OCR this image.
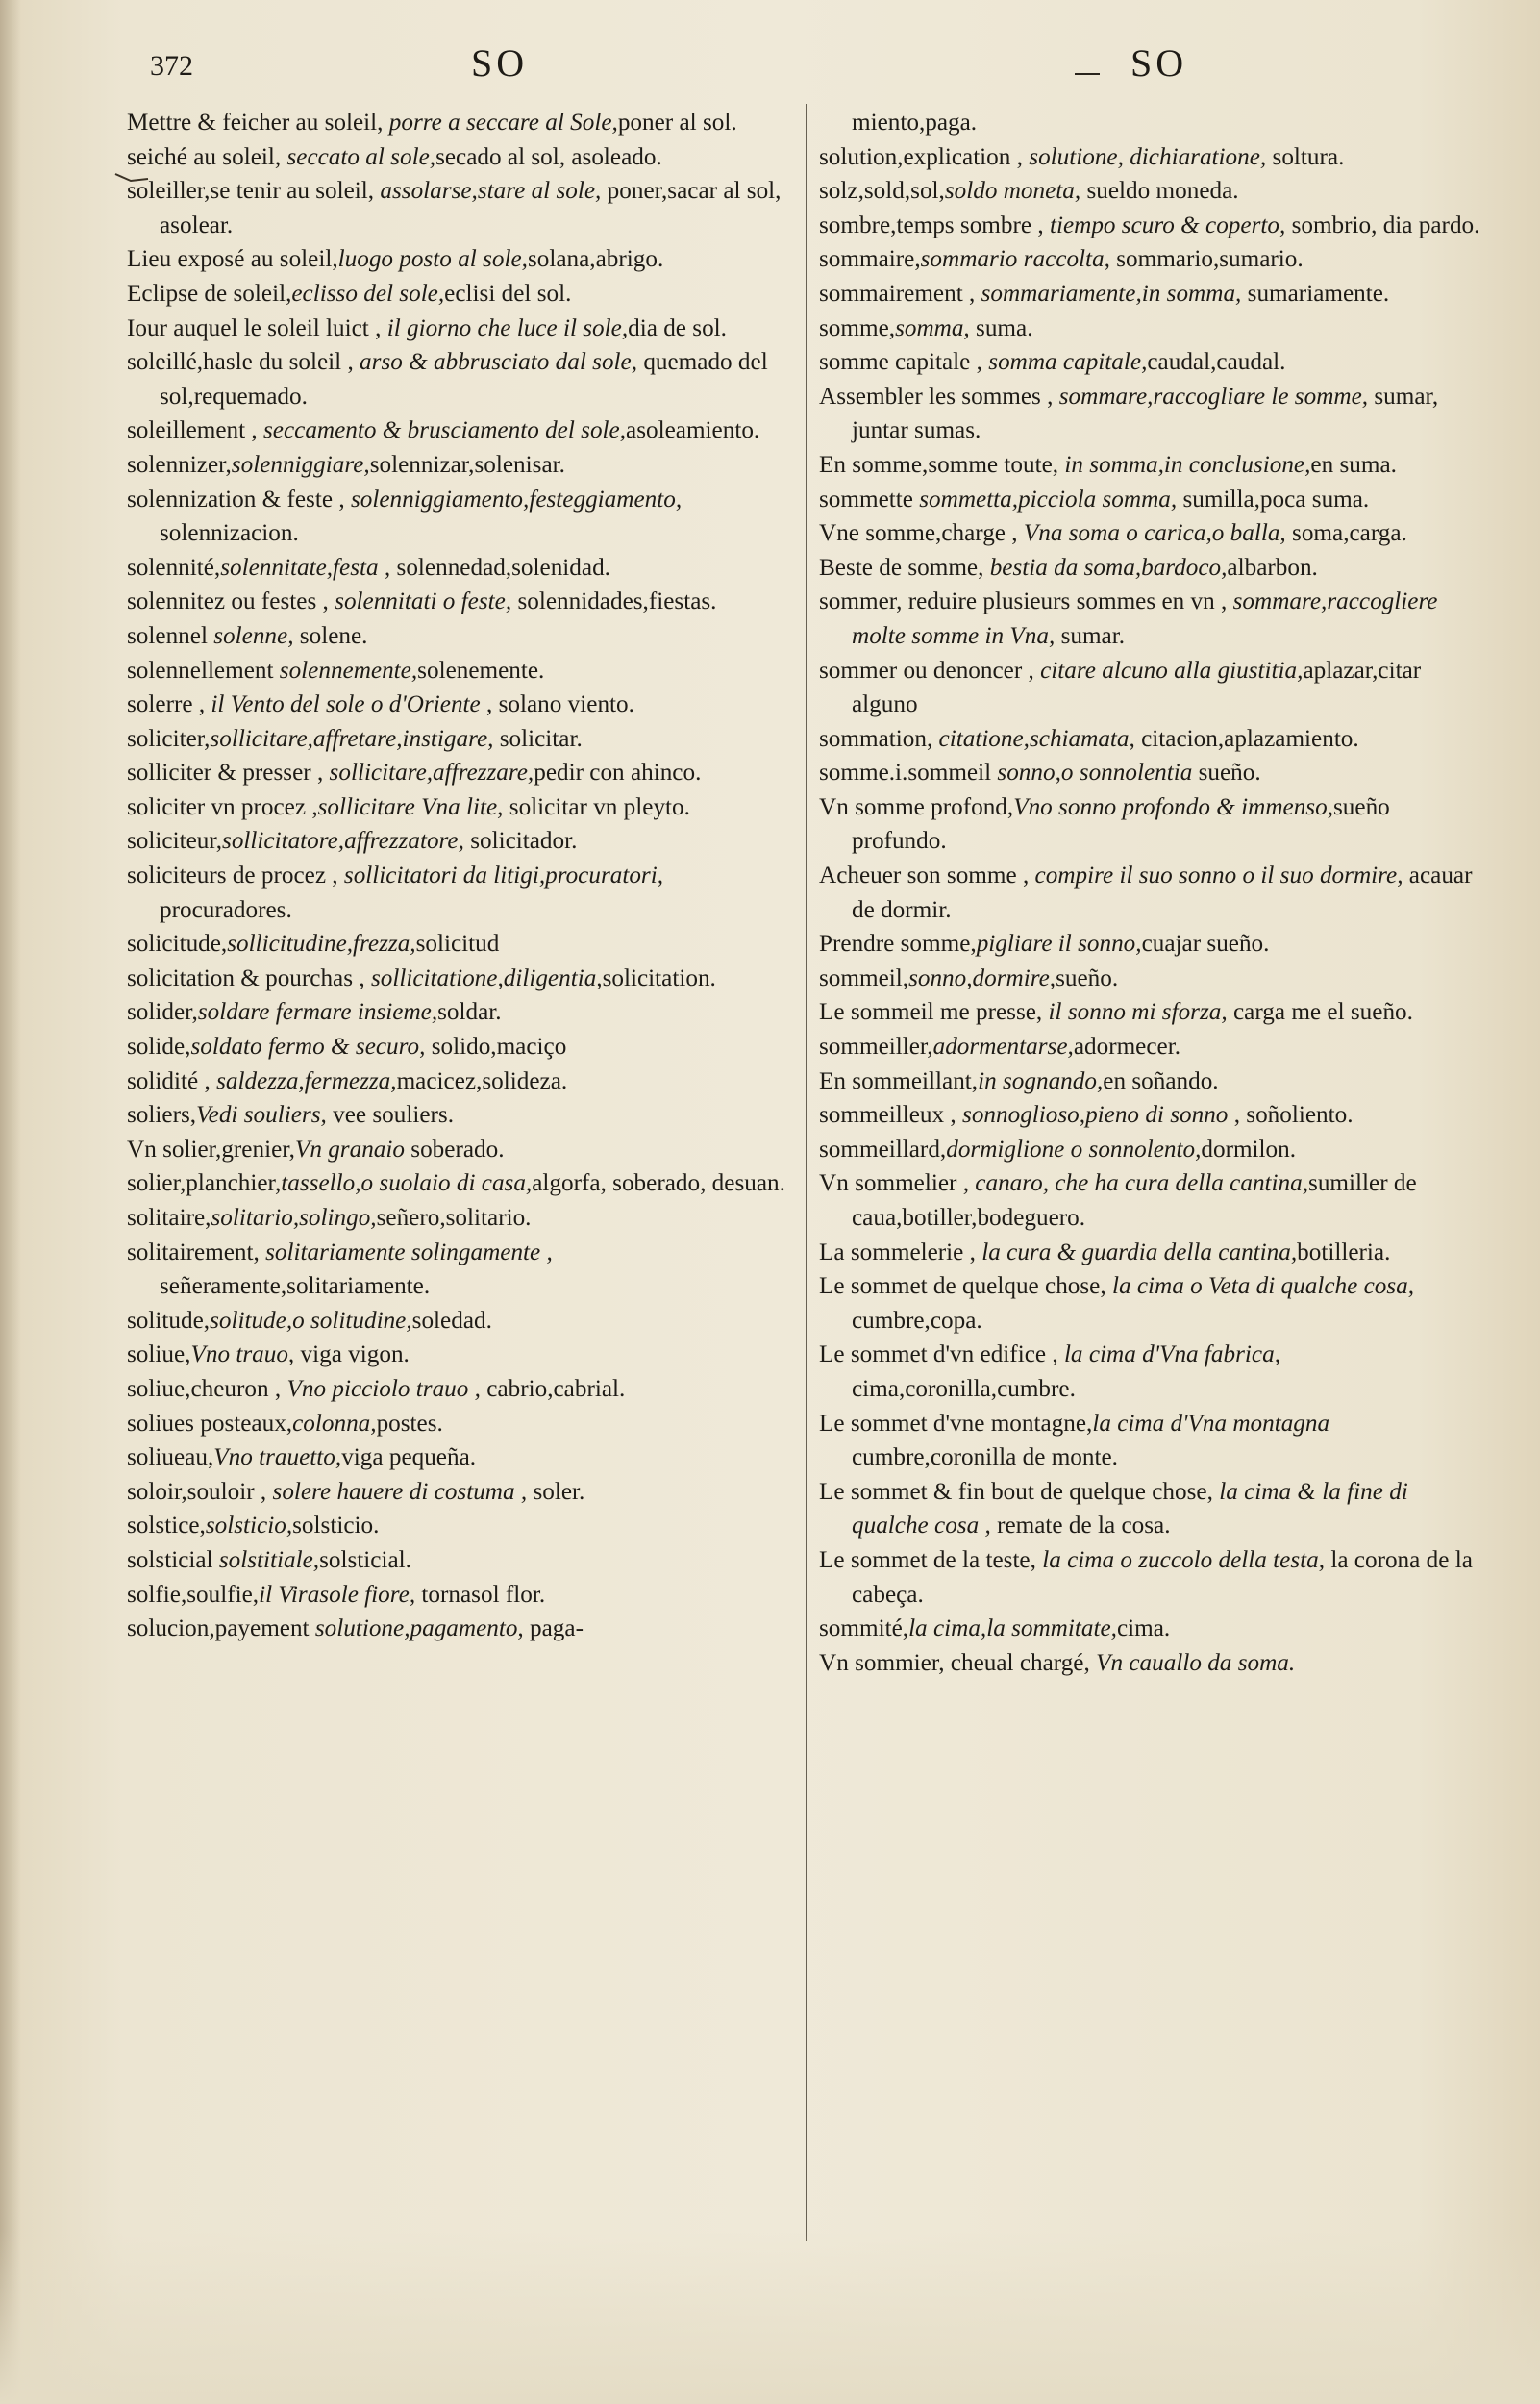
372	SO	SO
Mettre & feicher au soleil, porre a seccare al Sole,poner al sol.
seiché au soleil, seccato al sole,secado al sol, asoleado.
soleiller,se tenir au soleil, assolarse,stare al sole, poner,sacar al sol, asolear.
Lieu exposé au soleil,luogo posto al sole,solana,abrigo.
Eclipse de soleil,eclisso del sole,eclisi del sol.
Iour auquel le soleil luict , il giorno che luce il sole,dia de sol.
soleillé,hasle du soleil , arso & abbrusciato dal sole, quemado del sol,requemado.
soleillement , seccamento & brusciamento del sole,asoleamiento.
solennizer,solenniggiare,solennizar,solenisar.
solennization & feste , solenniggiamento,festeggiamento, solennizacion.
solennité,solennitate,festa , solennedad,solenidad.
solennitez ou festes , solennitati o feste, solennidades,fiestas.
solennel solenne, solene.
solennellement solennemente,solenemente.
solerre , il Vento del sole o d'Oriente , solano viento.
soliciter,sollicitare,affretare,instigare, solicitar.
solliciter & presser , sollicitare,affrezzare,pedir con ahinco.
soliciter vn procez ,sollicitare Vna lite, solicitar vn pleyto.
soliciteur,sollicitatore,affrezzatore, solicitador.
soliciteurs de procez , sollicitatori da litigi,procuratori, procuradores.
solicitude,sollicitudine,frezza,solicitud
solicitation & pourchas , sollicitatione,diligentia,solicitation.
solider,soldare fermare insieme,soldar.
solide,soldato fermo & securo, solido,maciço
solidité , saldezza,fermezza,macicez,solideza.
soliers,Vedi souliers, vee souliers.
Vn solier,grenier,Vn granaio soberado.
solier,planchier,tassello,o suolaio di casa,algorfa, soberado, desuan.
solitaire,solitario,solingo,señero,solitario.
solitairement, solitariamente solingamente , señeramente,solitariamente.
solitude,solitude,o solitudine,soledad.
soliue,Vno trauo, viga vigon.
soliue,cheuron , Vno picciolo trauo , cabrio,cabrial.
soliues posteaux,colonna,postes.
soliueau,Vno trauetto,viga pequeña.
soloir,souloir , solere hauere di costuma , soler.
solstice,solsticio,solsticio.
solsticial solstitiale,solsticial.
solfie,soulfie,il Virasole fiore, tornasol flor.
solucion,payement solutione,pagamento, paga-
miento,paga.
solution,explication , solutione, dichiaratione, soltura.
solz,sold,sol,soldo moneta, sueldo moneda.
sombre,temps sombre , tiempo scuro & coperto, sombrio, dia pardo.
sommaire,sommario raccolta, sommario,sumario.
sommairement , sommariamente,in somma, sumariamente.
somme,somma, suma.
somme capitale , somma capitale,caudal,caudal.
Assembler les sommes , sommare,raccogliare le somme, sumar, juntar sumas.
En somme,somme toute, in somma,in conclusione,en suma.
sommette sommetta,picciola somma, sumilla,poca suma.
Vne somme,charge , Vna soma o carica,o balla, soma,carga.
Beste de somme, bestia da soma,bardoco,albarbon.
sommer, reduire plusieurs sommes en vn , sommare,raccogliere molte somme in Vna, sumar.
sommer ou denoncer , citare alcuno alla giustitia,aplazar,citar alguno
sommation, citatione,schiamata, citacion,aplazamiento.
somme.i.sommeil sonno,o sonnolentia sueño.
Vn somme profond,Vno sonno profondo & immenso,sueño profundo.
Acheuer son somme , compire il suo sonno o il suo dormire, acauar de dormir.
Prendre somme,pigliare il sonno,cuajar sueño.
sommeil,sonno,dormire,sueño.
Le sommeil me presse, il sonno mi sforza, carga me el sueño.
sommeiller,adormentarse,adormecer.
En sommeillant,in sognando,en soñando.
sommeilleux , sonnoglioso,pieno di sonno , soñoliento.
sommeillard,dormiglione o sonnolento,dormilon.
Vn sommelier , canaro, che ha cura della cantina,sumiller de caua,botiller,bodeguero.
La sommelerie , la cura & guardia della cantina,botilleria.
Le sommet de quelque chose, la cima o Veta di qualche cosa, cumbre,copa.
Le sommet d'vn edifice , la cima d'Vna fabrica, cima,coronilla,cumbre.
Le sommet d'vne montagne,la cima d'Vna montagna cumbre,coronilla de monte.
Le sommet & fin bout de quelque chose, la cima & la fine di qualche cosa , remate de la cosa.
Le sommet de la teste, la cima o zuccolo della testa, la corona de la cabeça.
sommité,la cima,la sommitate,cima.
Vn sommier, cheual chargé, Vn cauallo da soma.
